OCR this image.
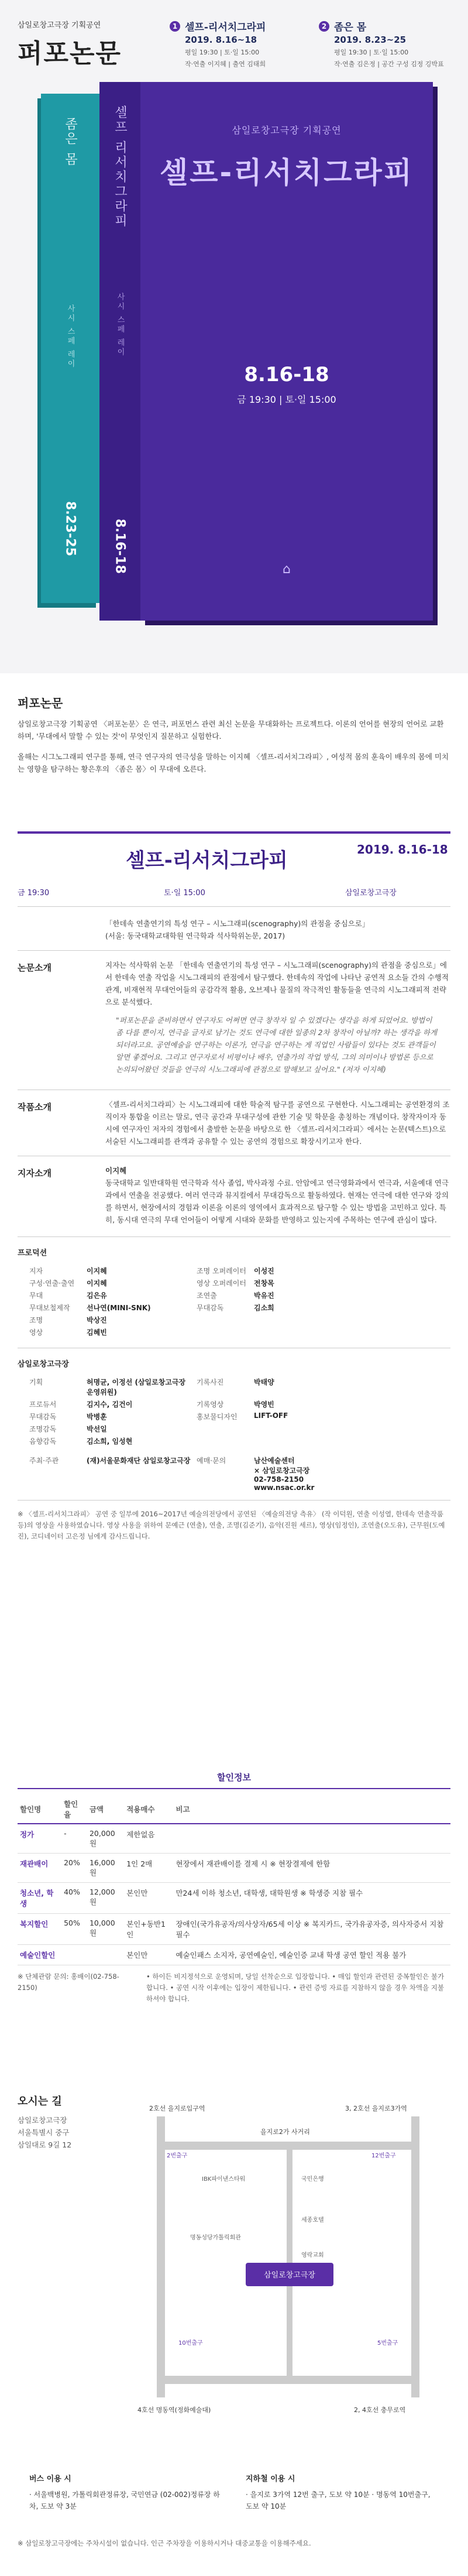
삼일로창고극장 기획공연
퍼포논문
1 셀프-리서치그라피
2019. 8.16~18
평일 19:30 | 토·일 15:00
작·연출 이지혜 | 출연 김태희
2 좀은 몸
2019. 8.23~25
평일 19:30 | 토·일 15:00
작·연출 김은정 | 공간 구성 김정 깅박표
좀은 몸
사시 스페 레이
8.23-25
셀프 리서치그라피
사시 스페 레이
8.16-18
삼일로창고극장 기획공연
셀프-리서치그라피
8.16-18
금 19:30 | 토·일 15:00
⌂
퍼포논문

삼일로창고극장 기획공연 〈퍼포논문〉은 연극, 퍼포먼스 관련 최신 논문을 무대화하는 프로젝트다. 이론의 언어를 현장의 언어로 교환하며, '무대에서 말할 수 있는 것'이 무엇인지 질문하고 실험한다.

올해는 시그노그래피 연구를 통해, 연극 연구자의 연극성을 말하는 이지혜 〈셀프-리서치그라피〉, 여성적 몸의 훈육이 배우의 몸에 미치는 영향을 탐구하는 황은후의 〈좀은 몸〉이 무대에 오른다.

셀프-리서치그라피	2019. 8.16-18
금 19:30	토·일 15:00	삼일로창고극장
「한데속 연출연기의 특성 연구 – 시노그래피(scenography)의 관점을 중심으로」
(서울: 동국대학교대학원 연극학과 석사학위논문, 2017)
논문소개	지자는 석사학위 논문 「한데속 연출연기의 특성 연구 – 시노그래피(scenography)의 관점을 중심으로」에서 한데속 연출 작업을 시노그래피의 관점에서 탐구했다. 한데속의 작업에 나타난 공연적 요소들 간의 수행적 관계, 비재현적 무대언어들의 공감각적 활용, 오브제나 물질의 작극적인 활동들을 연극의 시노그래피적 전략으로 분석했다.
"퍼포논문을 준비하면서 연구자도 어쩌면 연극 창작자 일 수 있겠다는 생각을 하게 되었어요. 방법이 좀 다를 뿐이지, 연극을 글자로 남기는 것도 연극에 대한 일종의 2차 창작이 아닐까? 하는 생각을 하게 되더라고요. 공연예술을 연구하는 이론가, 연극을 연구하는 게 직업인 사람들이 있다는 것도 관객들이 알면 좋겠어요. 그리고 연구자로서 비평이나 배우, 연출가의 작업 방식, 그의 의미이나 방법론 등으로 논의되어왔던 것들을 연극의 시노그래피에 관점으로 말해보고 싶어요." (저자 이지혜)
작품소개	〈셀프-리서치그라피〉는 시노그래피에 대한 학술적 탐구를 공연으로 구현한다. 시노그래피는 공연환경의 조직이자 통합을 이르는 말로, 연극 공간과 무대구성에 관한 기술 및 학문을 총칭하는 개념이다. 창작자이자 동시에 연구자인 저자의 경험에서 출발한 논문을 바탕으로 한 〈셀프-리서치그라피〉에서는 논문(텍스트)으로 서술된 시노그래피를 관객과 공유할 수 있는 공연의 경험으로 확장시키고자 한다.
지자소개	이지혜
동국대학교 일반대학원 연극학과 석사 졸업, 박사과정 수료. 안암에고 연극영화과에서 연극과, 서울예대 연극과에서 연출을 전공했다. 여러 연극과 뮤지컬에서 무대감독으로 활동하였다. 현재는 연극에 대한 연구와 강의를 하면서, 현장에서의 경험과 이론을 이론의 영역에서 효과적으로 탐구할 수 있는 방법을 고민하고 있다. 특히, 동시대 연극의 무대 언어들이 어떻게 시대와 문화를 반영하고 있는지에 주목하는 연구에 관심이 많다.
프로덕션
지자	이지혜	조명 오퍼레이터	이성진
구성·연출·출연	이지혜	영상 오퍼레이터	전창목
무대	김은유	조연출	박유진
무대보철제작	선나연(MINI-SNK)	무대감독	김소희
조명	박상진
영상	김혜빈
삼일로창고극장
기획	허명균, 이정선 (삼일로창고극장 운영위원)
기록사진	박태양
프로듀서	김지수, 김건이	기록영상	박영빈
무대감독	박병훈	홍보물디자인	LIFT-OFF
조명감독	박선일
음향감독	김소희, 임성현
주최·주관	(재)서울문화재단 삼일로창고극장 예매·문의	남산예술센터
× 삼일로창고극장
02-758-2150
www.nsac.or.kr
※ 〈셀프-리서치그라피〉 공연 중 일부에 2016~2017년 예술의전당에서 공연된 〈예술의전당 측유〉 (작 이덕원, 연출 이성열, 한데속 연출작품 등)의 영상을 사용하였습니다. 영상 사용을 위하여 문예근 (연출), 연출, 조명(김준기), 음악(진원 세르), 영상(임정인), 조연출(오도유), 근무원(도예진), 코디네이터 고은정 님에게 감사드립니다.
할인정보
할인명	할인율	금액	적용매수	비고
정가	-	20,000원	제한없음	
재관배이	20%	16,000원	1인 2매	현장에서 재관배이를 결제 시 ※ 현장결제에 한함
청소년, 학생	40%	12,000원	본인만	만24세 이하 청소년, 대학생, 대학원생 ※ 학생증 지참 필수
복지할인	50%	10,000원	본인+동반1인	장애인(국가유공자/의사상자/65세 이상 ※ 복지카드, 국가유공자증, 의사자증서 지참 필수
예술인할인			본인만	예술인패스 소지자, 공연예술인, 예술인증 교내 학생 공연 할인 적용 불가
※ 단체관람 문의: 홍배이(02-758-2150)
• 하이든 비지정석으로 운영되며, 당일 선착순으로 입장합니다. • 매입 할인과 관련된 중복할인은 불가합니다. • 공연 시작 이후에는 입장이 제한됩니다. • 관련 증빙 자료를 지참하지 않을 경우 차액을 지불하셔야 합니다.
오시는 길
삼일로창고극장
서울특별시 중구
삼일대로 9길 12
삼일로창고극장
2호선 을지로입구역	3, 2호선 을지로3가역
2번출구	12번출구
을지로2가 사거리
IBK파이낸스타워	국민은행
세종호텔
명동성당가톨릭회관
영락교회
10번출구	5번출구
4호선 명동역(정화예술대)	2, 4호선 충무로역
버스 이용 시
· 서울백병원, 가톨릭회관정류장, 국민연금 (02-002)정류장 하차, 도보 약 3분
지하철 이용 시
· 을지로 3가역 12번 출구, 도보 약 10분 · 명동역 10번출구, 도보 약 10분
※ 삼일로창고극장에는 주차시설이 없습니다. 인근 주차장을 이용하시거나 대중교통을 이용해주세요.
